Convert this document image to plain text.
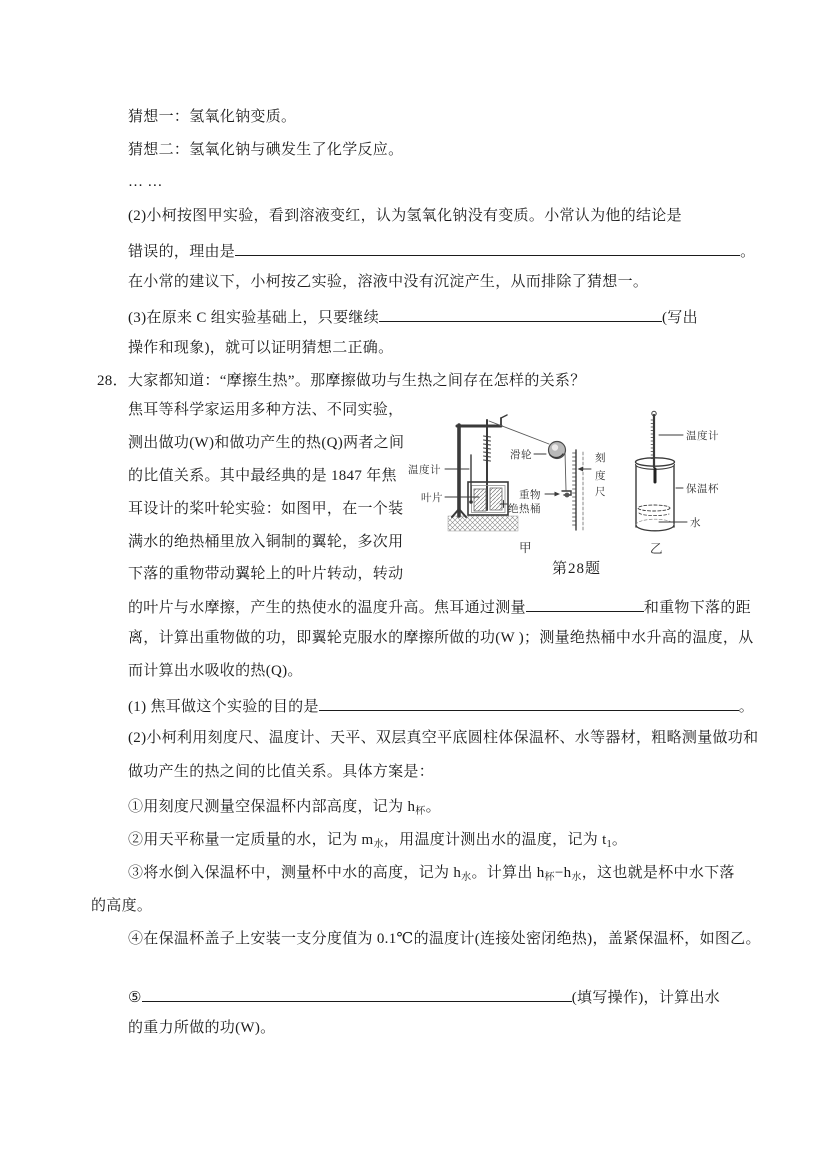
猜想一：氢氧化钠变质。
猜想二：氢氧化钠与碘发生了化学反应。
… …
(2)小柯按图甲实验，看到溶液变红，认为氢氧化钠没有变质。小常认为他的结论是
错误的，理由是	。
在小常的建议下，小柯按乙实验，溶液中没有沉淀产生，从而排除了猜想一。
(3)在原来 C 组实验基础上，只要继续	(写出
操作和现象)，就可以证明猜想二正确。
28．大家都知道：“摩擦生热”。那摩擦做功与生热之间存在怎样的关系？
焦耳等科学家运用多种方法、不同实验，
测出做功(W)和做功产生的热(Q)两者之间
的比值关系。其中最经典的是 1847 年焦
耳设计的桨叶轮实验：如图甲，在一个装
满水的绝热桶里放入铜制的翼轮，多次用
下落的重物带动翼轮上的叶片转动，转动
的叶片与水摩擦，产生的热使水的温度升高。焦耳通过测量	和重物下落的距
离，计算出重物做的功，即翼轮克服水的摩擦所做的功(W )；测量绝热桶中水升高的温度，从
而计算出水吸收的热(Q)。
(1) 焦耳做这个实验的目的是	。
(2)小柯利用刻度尺、温度计、天平、双层真空平底圆柱体保温杯、水等器材，粗略测量做功和
做功产生的热之间的比值关系。具体方案是：
①用刻度尺测量空保温杯内部高度，记为 h杯。
②用天平称量一定质量的水，记为 m水，用温度计测出水的温度，记为 t1。
③将水倒入保温杯中，测量杯中水的高度，记为 h水。计算出 h杯−h水，这也就是杯中水下落
的高度。
④在保温杯盖子上安装一支分度值为 0.1℃的温度计(连接处密闭绝热)，盖紧保温杯，如图乙。
⑤	(填写操作)，计算出水
的重力所做的功(W)。
温度计
叶片
滑轮
重物
绝热桶
刻
度
尺
甲
温度计
保温杯
水
乙
第28题
